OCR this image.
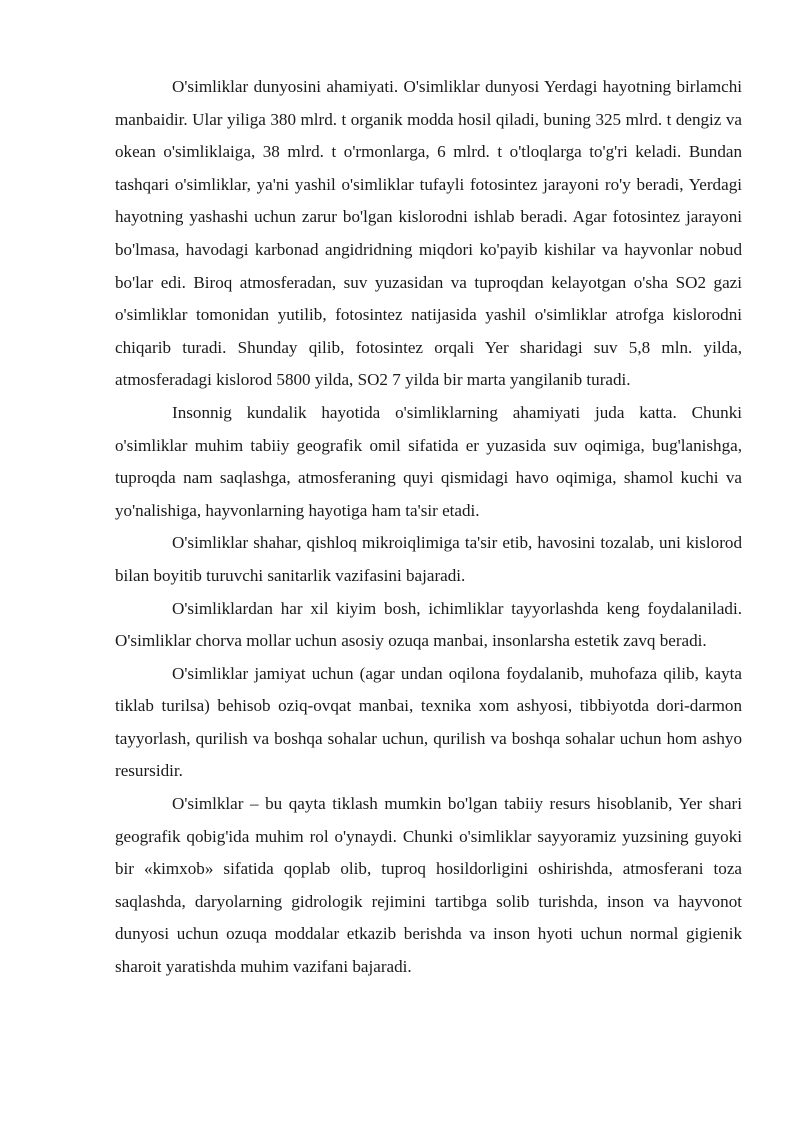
O'simliklar dunyosini ahamiyati. O'simliklar dunyosi Yerdagi hayotning birlamchi manbaidir. Ular yiliga 380 mlrd. t organik modda hosil qiladi, buning 325 mlrd. t dengiz va okean o'simliklaiga, 38 mlrd. t o'rmonlarga, 6 mlrd. t o'tloqlarga to'g'ri keladi. Bundan tashqari o'simliklar, ya'ni yashil o'simliklar tufayli fotosintez jarayoni ro'y beradi, Yerdagi hayotning yashashi uchun zarur bo'lgan kislorodni ishlab beradi. Agar fotosintez jarayoni bo'lmasa, havodagi karbonad angidridning miqdori ko'payib kishilar va hayvonlar nobud bo'lar edi. Biroq atmosferadan, suv yuzasidan va tuproqdan kelayotgan o'sha SO2 gazi o'simliklar tomonidan yutilib, fotosintez natijasida yashil o'simliklar atrofga kislorodni chiqarib turadi. Shunday qilib, fotosintez orqali Yer sharidagi suv 5,8 mln. yilda, atmosferadagi kislorod 5800 yilda, SO2 7 yilda bir marta yangilanib turadi.

Insonnig kundalik hayotida o'simliklarning ahamiyati juda katta. Chunki o'simliklar muhim tabiiy geografik omil sifatida er yuzasida suv oqimiga, bug'lanishga, tuproqda nam saqlashga, atmosferaning quyi qismidagi havo oqimiga, shamol kuchi va yo'nalishiga, hayvonlarning hayotiga ham ta'sir etadi.

O'simliklar shahar, qishloq mikroiqlimiga ta'sir etib, havosini tozalab, uni kislorod bilan boyitib turuvchi sanitarlik vazifasini bajaradi.

O'simliklardan har xil kiyim bosh, ichimliklar tayyorlashda keng foydalaniladi. O'simliklar chorva mollar uchun asosiy ozuqa manbai, insonlarsha estetik zavq beradi.

O'simliklar jamiyat uchun (agar undan oqilona foydalanib, muhofaza qilib, kayta tiklab turilsa) behisob oziq-ovqat manbai, texnika xom ashyosi, tibbiyotda dori-darmon tayyorlash, qurilish va boshqa sohalar uchun, qurilish va boshqa sohalar uchun hom ashyo resursidir.

O'simlklar – bu qayta tiklash mumkin bo'lgan tabiiy resurs hisoblanib, Yer shari geografik qobig'ida muhim rol o'ynaydi. Chunki o'simliklar sayyoramiz yuzsining guyoki bir «kimxob» sifatida qoplab olib, tuproq hosildorligini oshirishda, atmosferani toza saqlashda, daryolarning gidrologik rejimini tartibga solib turishda, inson va hayvonot dunyosi uchun ozuqa moddalar etkazib berishda va inson hyoti uchun normal gigienik sharoit yaratishda muhim vazifani bajaradi.
